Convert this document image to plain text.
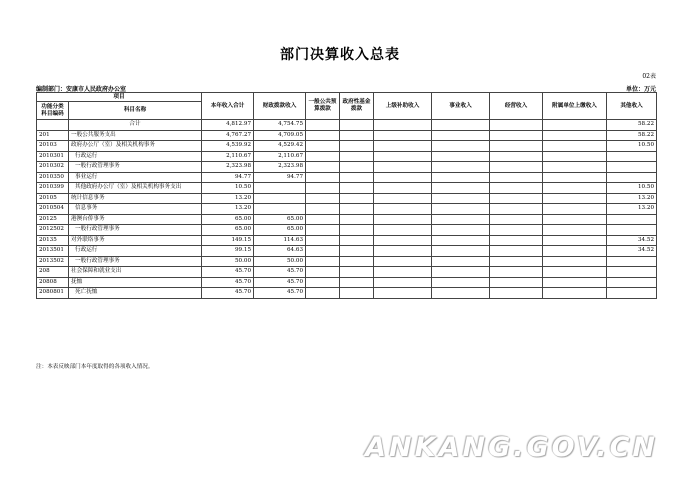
部门决算收入总表
02表
编制部门：安康市人民政府办公室	单位：万元
项目		本年收入合计	财政拨款收入	一般公共预算拨款	政府性基金拨款	上级补助收入	事业收入	经营收入	附属单位上缴收入	其他收入
功能分类科目编码	科目名称									
	合计	4,812.97	4,754.75							58.22
201	一般公共服务支出	4,767.27	4,709.05							58.22
20103	政府办公厅（室）及相关机构事务	4,539.92	4,529.42							10.50
2010301	行政运行	2,110.67	2,110.67							
2010302	一般行政管理事务	2,323.98	2,323.98							
2010350	事业运行	94.77	94.77							
2010399	其他政府办公厅（室）及相关机构事务支出	10.50								10.50
20105	统计信息事务	13.20								13.20
2010504	信息事务	13.20								13.20
20125	港澳台侨事务	65.00	65.00							
2012502	一般行政管理事务	65.00	65.00							
20135	对外联络事务	149.15	114.63							34.52
2013501	行政运行	99.15	64.63							34.52
2013502	一般行政管理事务	50.00	50.00							
208	社会保障和就业支出	45.70	45.70							
20808	抚恤	45.70	45.70							
2080801	死亡抚恤	45.70	45.70							
注：本表反映部门本年度取得的各项收入情况。
ANKANG.GOV.CN
